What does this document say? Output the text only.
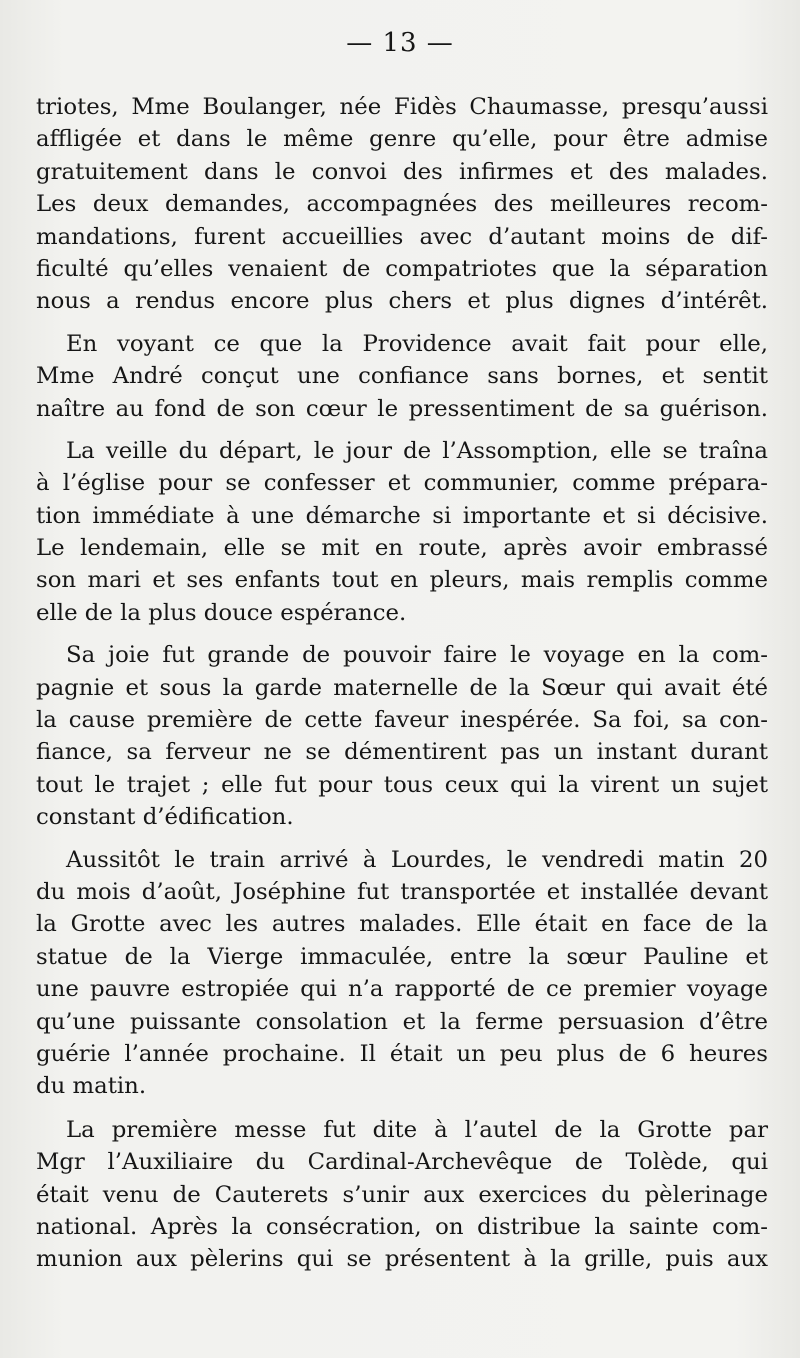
— 13 —
triotes, Mme Boulanger, née Fidès Chaumasse, presqu’aussi
affligée et dans le même genre qu’elle, pour être admise
gratuitement dans le convoi des infirmes et des malades.
Les deux demandes, accompagnées des meilleures recom-
mandations, furent accueillies avec d’autant moins de dif-
ficulté qu’elles venaient de compatriotes que la séparation
nous a rendus encore plus chers et plus dignes d’intérêt.
En voyant ce que la Providence avait fait pour elle,
Mme André conçut une confiance sans bornes, et sentit
naître au fond de son cœur le pressentiment de sa guérison.
La veille du départ, le jour de l’Assomption, elle se traîna
à l’église pour se confesser et communier, comme prépara-
tion immédiate à une démarche si importante et si décisive.
Le lendemain, elle se mit en route, après avoir embrassé
son mari et ses enfants tout en pleurs, mais remplis comme
elle de la plus douce espérance.
Sa joie fut grande de pouvoir faire le voyage en la com-
pagnie et sous la garde maternelle de la Sœur qui avait été
la cause première de cette faveur inespérée. Sa foi, sa con-
fiance, sa ferveur ne se démentirent pas un instant durant
tout le trajet ; elle fut pour tous ceux qui la virent un sujet
constant d’édification.
Aussitôt le train arrivé à Lourdes, le vendredi matin 20
du mois d’août, Joséphine fut transportée et installée devant
la Grotte avec les autres malades. Elle était en face de la
statue de la Vierge immaculée, entre la sœur Pauline et
une pauvre estropiée qui n’a rapporté de ce premier voyage
qu’une puissante consolation et la ferme persuasion d’être
guérie l’année prochaine. Il était un peu plus de 6 heures
du matin.
La première messe fut dite à l’autel de la Grotte par
Mgr l’Auxiliaire du Cardinal-Archevêque de Tolède, qui
était venu de Cauterets s’unir aux exercices du pèlerinage
national. Après la consécration, on distribue la sainte com-
munion aux pèlerins qui se présentent à la grille, puis aux
